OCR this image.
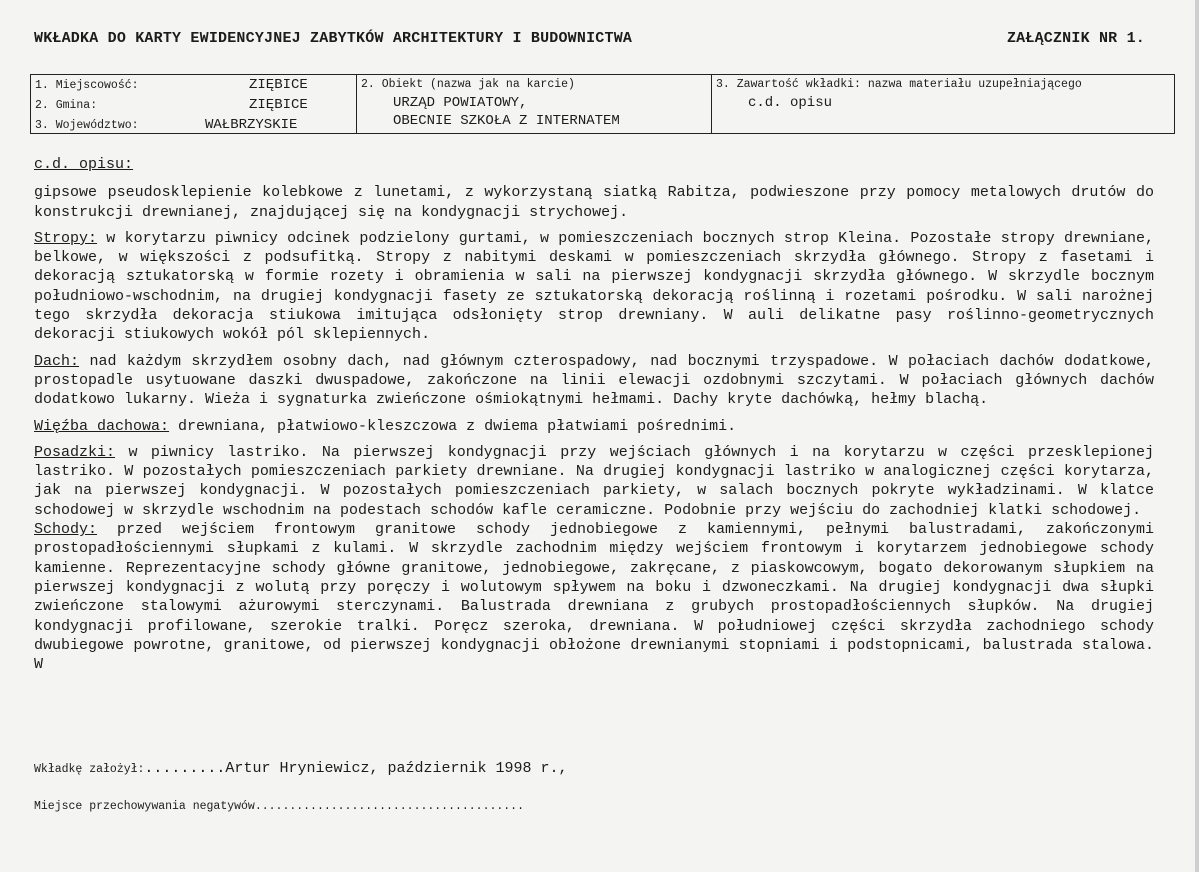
WKŁADKA DO KARTY EWIDENCYJNEJ ZABYTKÓW ARCHITEKTURY I BUDOWNICTWA	ZAŁĄCZNIK NR 1.
1. Miejscowość:	ZIĘBICE
2. Gmina:	ZIĘBICE
3. Województwo:	WAŁBRZYSKIE
2. Obiekt (nazwa jak na karcie)
URZĄD POWIATOWY,
OBECNIE SZKOŁA Z INTERNATEM
3. Zawartość wkładki: nazwa materiału uzupełniającego
c.d. opisu
c.d. opisu:

gipsowe pseudosklepienie kolebkowe z lunetami, z wykorzystaną siatką Rabitza, podwieszone przy pomocy metalowych drutów do konstrukcji drewnianej, znajdującej się na kondygnacji strychowej.

Stropy: w korytarzu piwnicy odcinek podzielony gurtami, w pomieszczeniach bocznych strop Kleina. Pozostałe stropy drewniane, belkowe, w większości z podsufitką. Stropy z nabitymi deskami w pomieszczeniach skrzydła głównego. Stropy z fasetami i dekoracją sztukatorską w formie rozety i obramienia w sali na pierwszej kondygnacji skrzydła głównego. W skrzydle bocznym południowo-wschodnim, na drugiej kondygnacji fasety ze sztukatorską dekoracją roślinną i rozetami pośrodku. W sali narożnej tego skrzydła dekoracja stiukowa imitująca odsłonięty strop drewniany. W auli delikatne pasy roślinno-geometrycznych dekoracji stiukowych wokół pól sklepiennych.

Dach: nad każdym skrzydłem osobny dach, nad głównym czterospadowy, nad bocznymi trzyspadowe. W połaciach dachów dodatkowe, prostopadle usytuowane daszki dwuspadowe, zakończone na linii elewacji ozdobnymi szczytami. W połaciach głównych dachów dodatkowo lukarny. Wieża i sygnaturka zwieńczone ośmiokątnymi hełmami. Dachy kryte dachówką, hełmy blachą.

Więźba dachowa: drewniana, płatwiowo-kleszczowa z dwiema płatwiami pośrednimi.

Posadzki: w piwnicy lastriko. Na pierwszej kondygnacji przy wejściach głównych i na korytarzu w części przesklepionej lastriko. W pozostałych pomieszczeniach parkiety drewniane. Na drugiej kondygnacji lastriko w analogicznej części korytarza, jak na pierwszej kondygnacji. W pozostałych pomieszczeniach parkiety, w salach bocznych pokryte wykładzinami. W klatce schodowej w skrzydle wschodnim na podestach schodów kafle ceramiczne. Podobnie przy wejściu do zachodniej klatki schodowej.

Schody: przed wejściem frontowym granitowe schody jednobiegowe z kamiennymi, pełnymi balustradami, zakończonymi prostopadłościennymi słupkami z kulami. W skrzydle zachodnim między wejściem frontowym i korytarzem jednobiegowe schody kamienne. Reprezentacyjne schody główne granitowe, jednobiegowe, zakręcane, z piaskowcowym, bogato dekorowanym słupkiem na pierwszej kondygnacji z wolutą przy poręczy i wolutowym spływem na boku i dzwoneczkami. Na drugiej kondygnacji dwa słupki zwieńczone stalowymi ażurowymi sterczynami. Balustrada drewniana z grubych prostopadłościennych słupków. Na drugiej kondygnacji profilowane, szerokie tralki. Poręcz szeroka, drewniana. W południowej części skrzydła zachodniego schody dwubiegowe powrotne, granitowe, od pierwszej kondygnacji obłożone drewnianymi stopniami i podstopnicami, balustrada stalowa. W

Wkładkę założył:.........Artur Hryniewicz, październik 1998 r.,
Miejsce przechowywania negatywów.......................................
